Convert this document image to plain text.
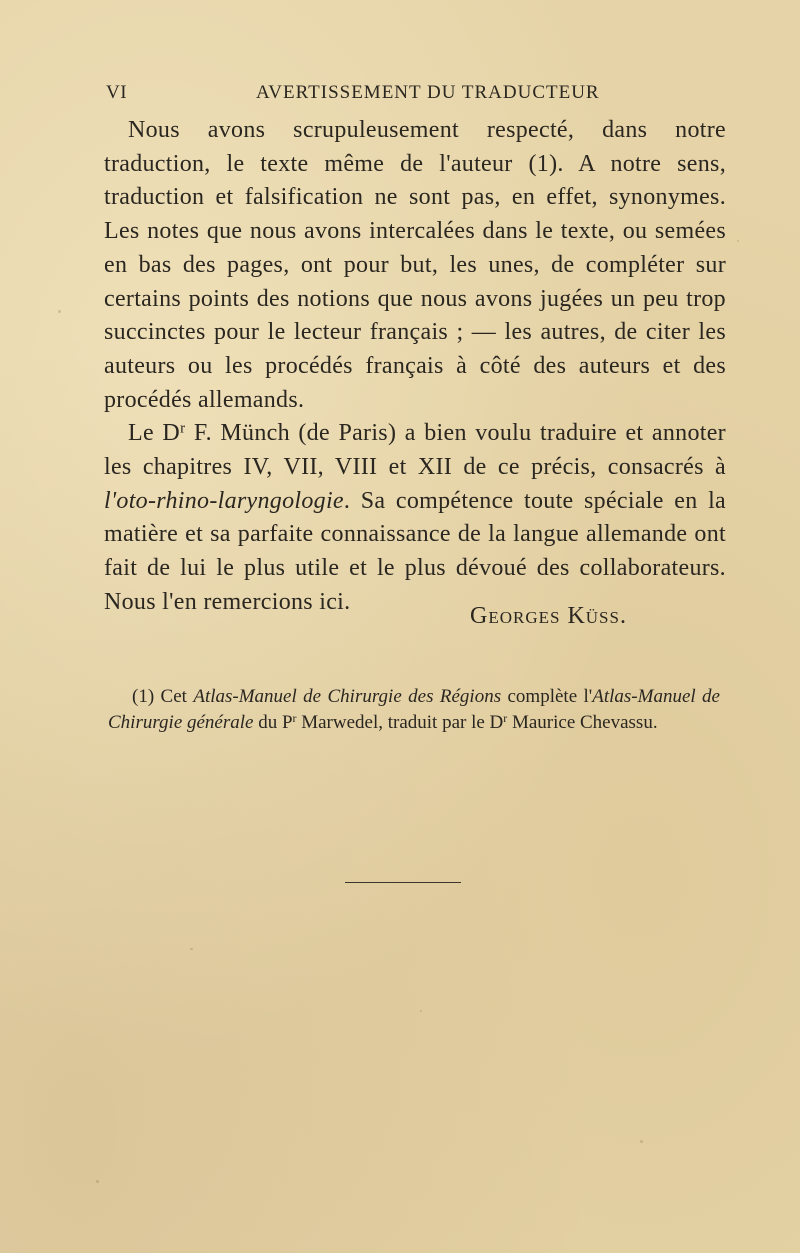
VI	AVERTISSEMENT DU TRADUCTEUR

Nous avons scrupuleusement respecté, dans notre traduction, le texte même de l'auteur (1). A notre sens, traduction et falsification ne sont pas, en effet, synonymes. Les notes que nous avons intercalées dans le texte, ou semées en bas des pages, ont pour but, les unes, de compléter sur certains points des notions que nous avons jugées un peu trop succinctes pour le lecteur français ; — les autres, de citer les auteurs ou les procédés français à côté des auteurs et des procédés allemands.

Le $D^r$ F. Münch (de Paris) a bien voulu traduire et annoter les chapitres IV, VII, VIII et XII de ce précis, consacrés à l'oto-rhino-laryngologie. Sa compétence toute spéciale en la matière et sa parfaite connaissance de la langue allemande ont fait de lui le plus utile et le plus dévoué des collaborateurs. Nous l'en remercions ici.

Georges Küss.

(1) Cet Atlas-Manuel de Chirurgie des Régions complète l'Atlas-Manuel de Chirurgie générale du $P^r$ Marwedel, traduit par le $D^r$ Maurice Chevassu.
